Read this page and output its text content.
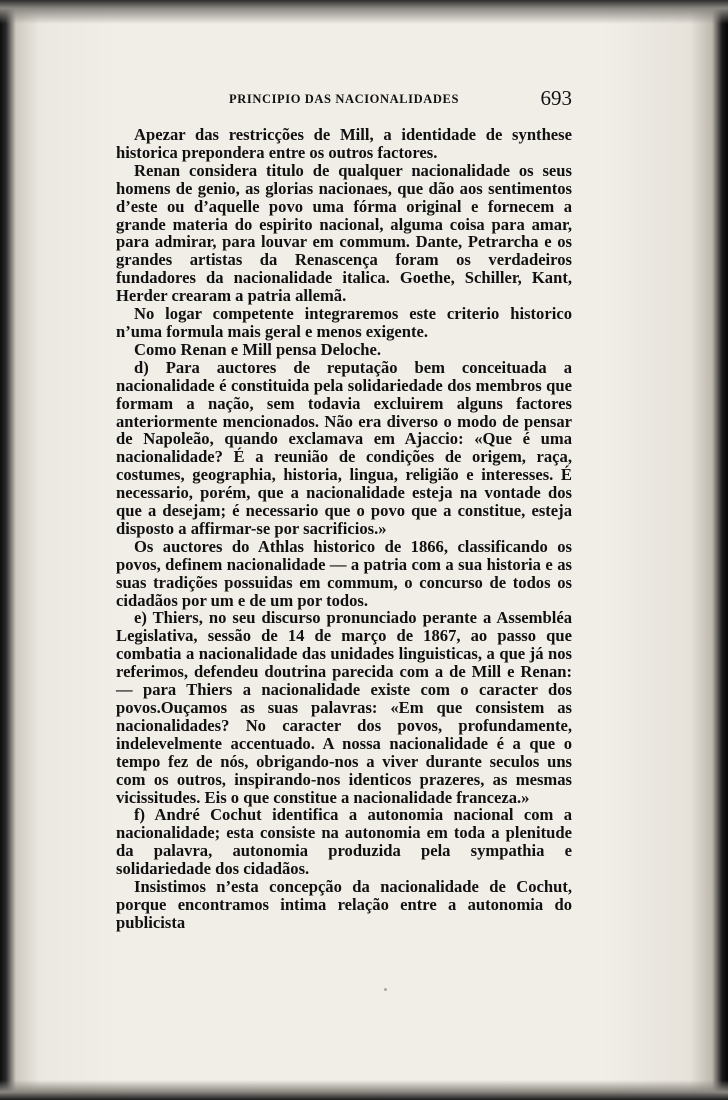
PRINCIPIO DAS NACIONALIDADES	693

Apezar das restricções de Mill, a identidade de synthese historica prepondera entre os outros factores.

Renan considera titulo de qualquer nacionalidade os seus homens de genio, as glorias nacionaes, que dão aos sentimentos d’este ou d’aquelle povo uma fórma original e fornecem a grande materia do espirito nacional, alguma coisa para amar, para admirar, para louvar em commum. Dante, Petrarcha e os grandes artistas da Renascença foram os verdadeiros fundadores da nacionalidade italica. Goethe, Schiller, Kant, Herder crearam a patria allemã.

No logar competente integraremos este criterio historico n’uma formula mais geral e menos exigente.

Como Renan e Mill pensa Deloche.

d) Para auctores de reputação bem conceituada a nacionalidade é constituida pela solidariedade dos membros que formam a nação, sem todavia excluirem alguns factores anteriormente mencionados. Não era diverso o modo de pensar de Napoleão, quando exclamava em Ajaccio: «Que é uma nacionalidade? É a reunião de condições de origem, raça, costumes, geographia, historia, lingua, religião e interesses. É necessario, porém, que a nacionalidade esteja na vontade dos que a desejam; é necessario que o povo que a constitue, esteja disposto a affirmar-se por sacrificios.»

Os auctores do Athlas historico de 1866, classificando os povos, definem nacionalidade — a patria com a sua historia e as suas tradições possuidas em commum, o concurso de todos os cidadãos por um e de um por todos.

e) Thiers, no seu discurso pronunciado perante a Assembléa Legislativa, sessão de 14 de março de 1867, ao passo que combatia a nacionalidade das unidades linguisticas, a que já nos referimos, defendeu doutrina parecida com a de Mill e Renan: — para Thiers a nacionalidade existe com o caracter dos povos.Ouçamos as suas palavras: «Em que consistem as nacionalidades? No caracter dos povos, profundamente, indelevelmente accentuado. A nossa nacionalidade é a que o tempo fez de nós, obrigando-nos a viver durante seculos uns com os outros, inspirando-nos identicos prazeres, as mesmas vicissitudes. Eis o que constitue a nacionalidade franceza.»

f) André Cochut identifica a autonomia nacional com a nacionalidade; esta consiste na autonomia em toda a plenitude da palavra, autonomia produzida pela sympathia e solidariedade dos cidadãos.

Insistimos n’esta concepção da nacionalidade de Cochut, porque encontramos intima relação entre a autonomia do publicista
